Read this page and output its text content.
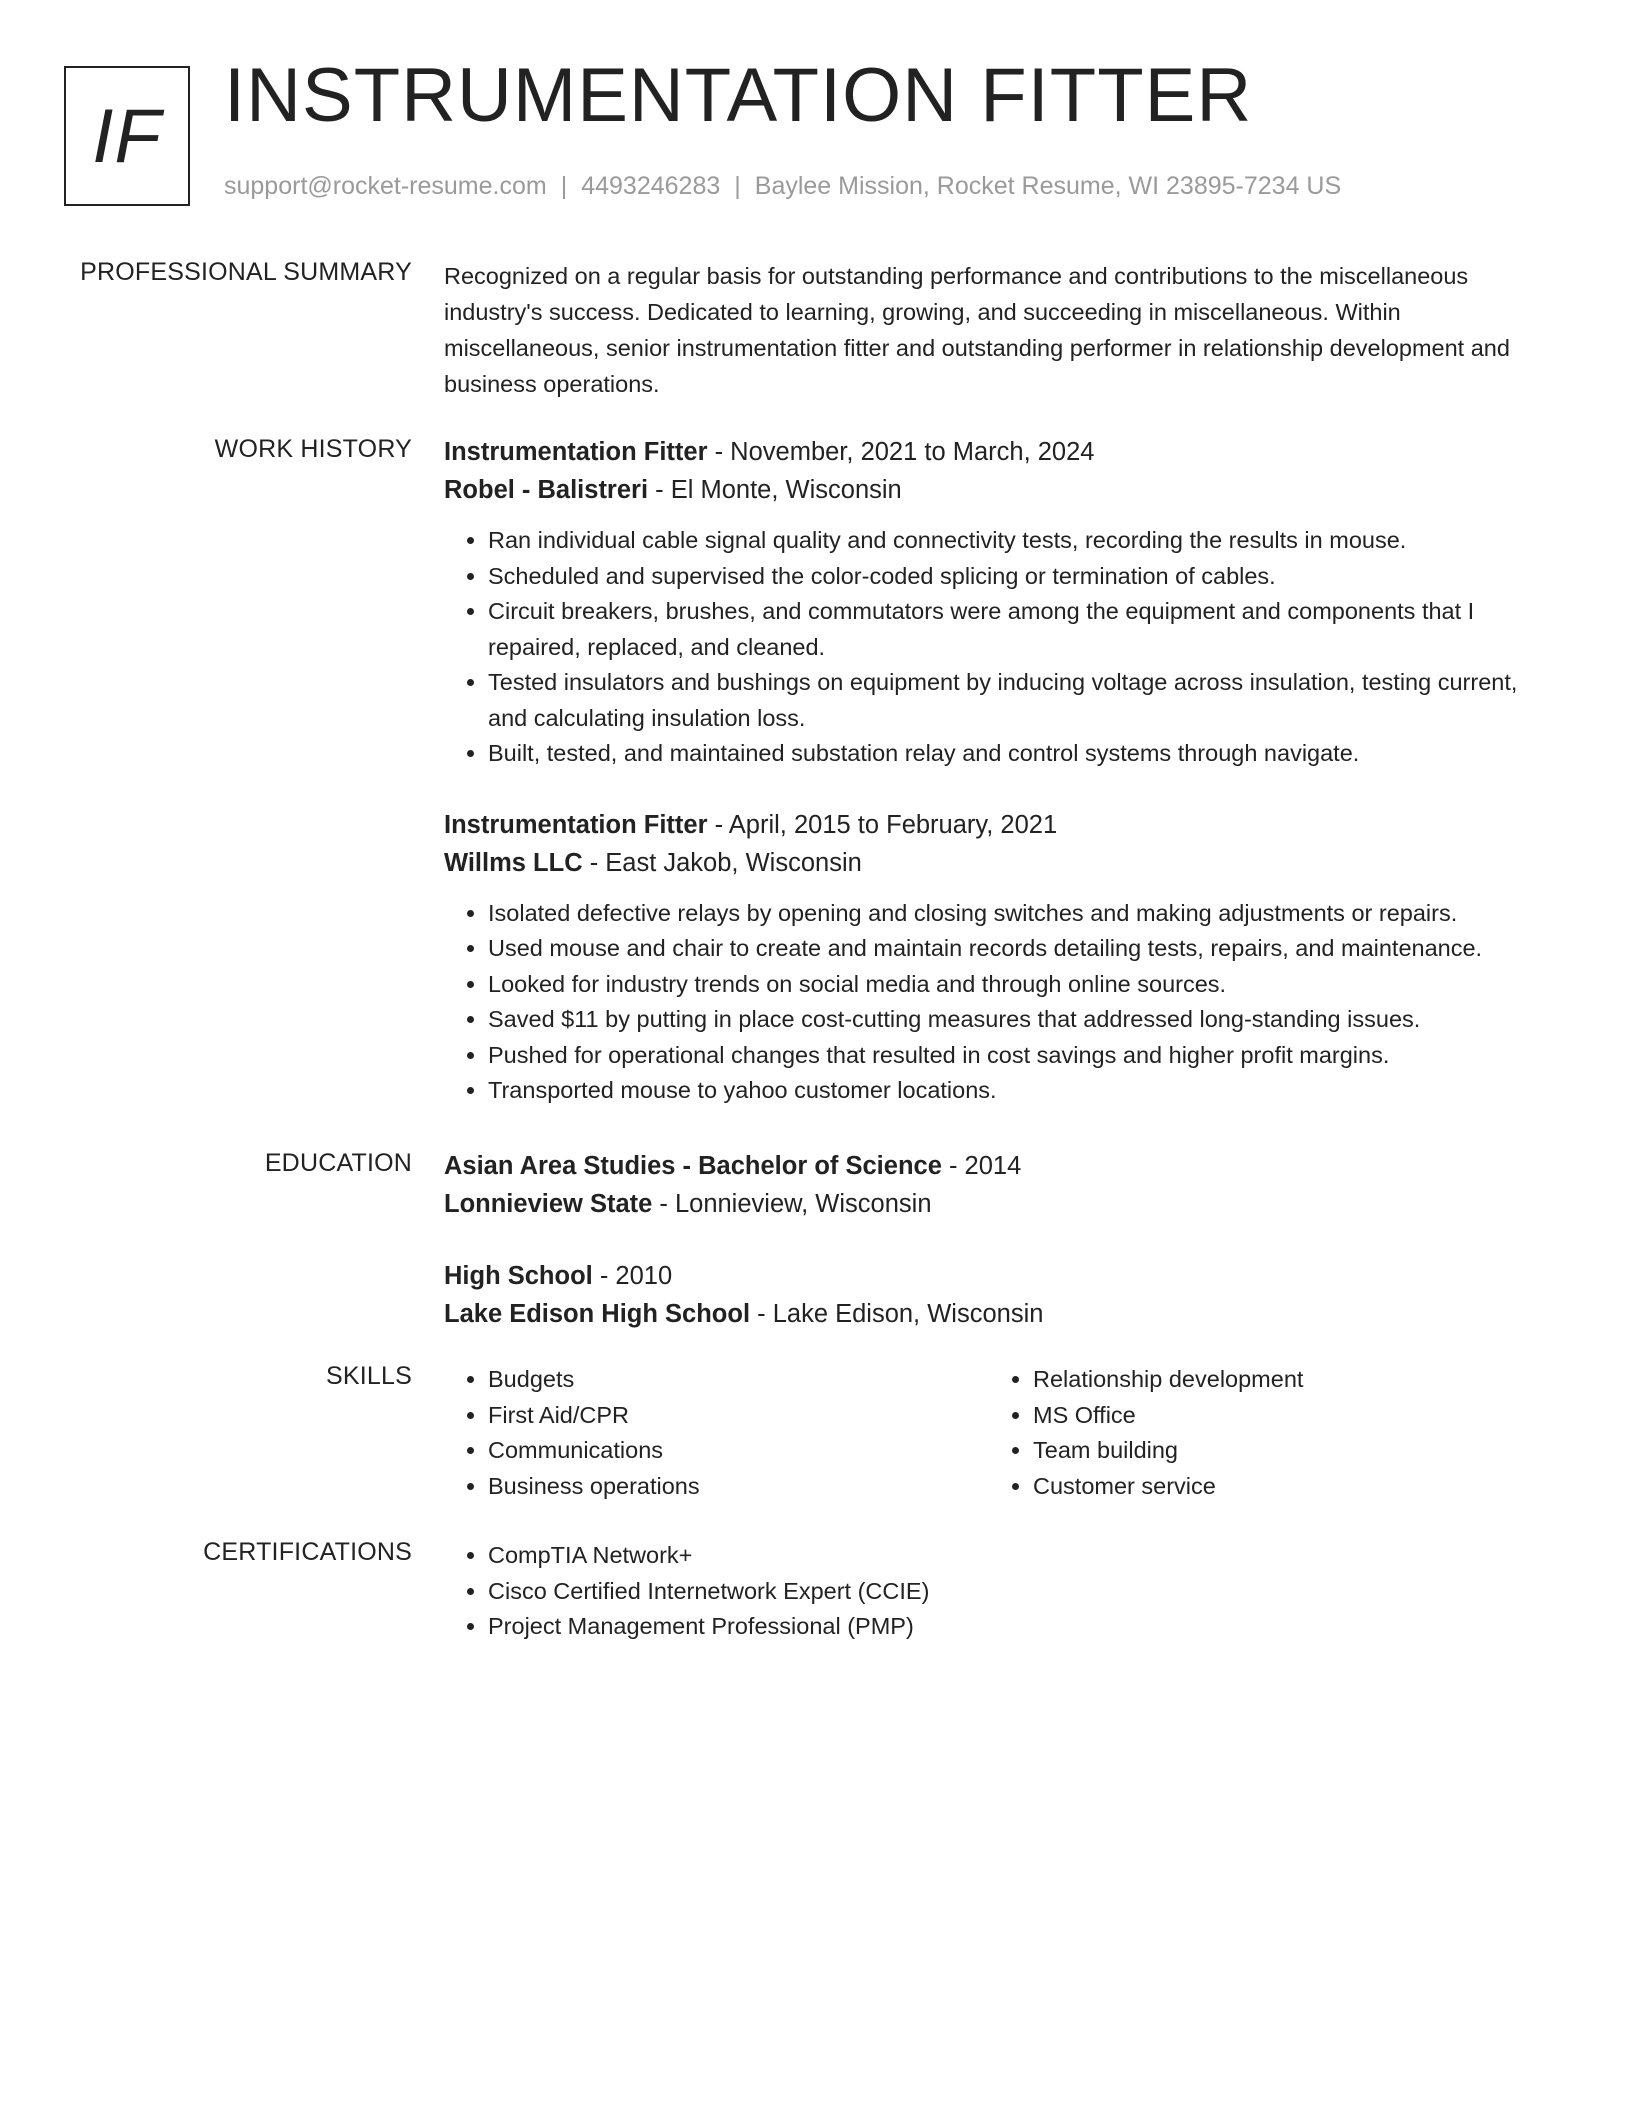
IF INSTRUMENTATION FITTER
support@rocket-resume.com | 4493246283 | Baylee Mission, Rocket Resume, WI 23895-7234 US
PROFESSIONAL SUMMARY Recognized on a regular basis for outstanding performance and contributions to the miscellaneous industry's success. Dedicated to learning, growing, and succeeding in miscellaneous. Within miscellaneous, senior instrumentation fitter and outstanding performer in relationship development and business operations.

WORK HISTORY Instrumentation Fitter - November, 2021 to March, 2024
Robel - Balistreri - El Monte, Wisconsin
• Ran individual cable signal quality and connectivity tests, recording the results in mouse.
• Scheduled and supervised the color-coded splicing or termination of cables.
• Circuit breakers, brushes, and commutators were among the equipment and components that I repaired, replaced, and cleaned.
• Tested insulators and bushings on equipment by inducing voltage across insulation, testing current, and calculating insulation loss.
• Built, tested, and maintained substation relay and control systems through navigate.
Instrumentation Fitter - April, 2015 to February, 2021
Willms LLC - East Jakob, Wisconsin
• Isolated defective relays by opening and closing switches and making adjustments or repairs.
• Used mouse and chair to create and maintain records detailing tests, repairs, and maintenance.
• Looked for industry trends on social media and through online sources.
• Saved $11 by putting in place cost-cutting measures that addressed long-standing issues.
• Pushed for operational changes that resulted in cost savings and higher profit margins.
• Transported mouse to yahoo customer locations.
EDUCATION Asian Area Studies - Bachelor of Science - 2014
Lonnieview State - Lonnieview, Wisconsin
High School - 2010
Lake Edison High School - Lake Edison, Wisconsin
SKILLS	• Budgets
• First Aid/CPR
• Communications
• Business operations
• Relationship development
• MS Office
• Team building
• Customer service
CERTIFICATIONS	• CompTIA Network+
• Cisco Certified Internetwork Expert (CCIE)
• Project Management Professional (PMP)
